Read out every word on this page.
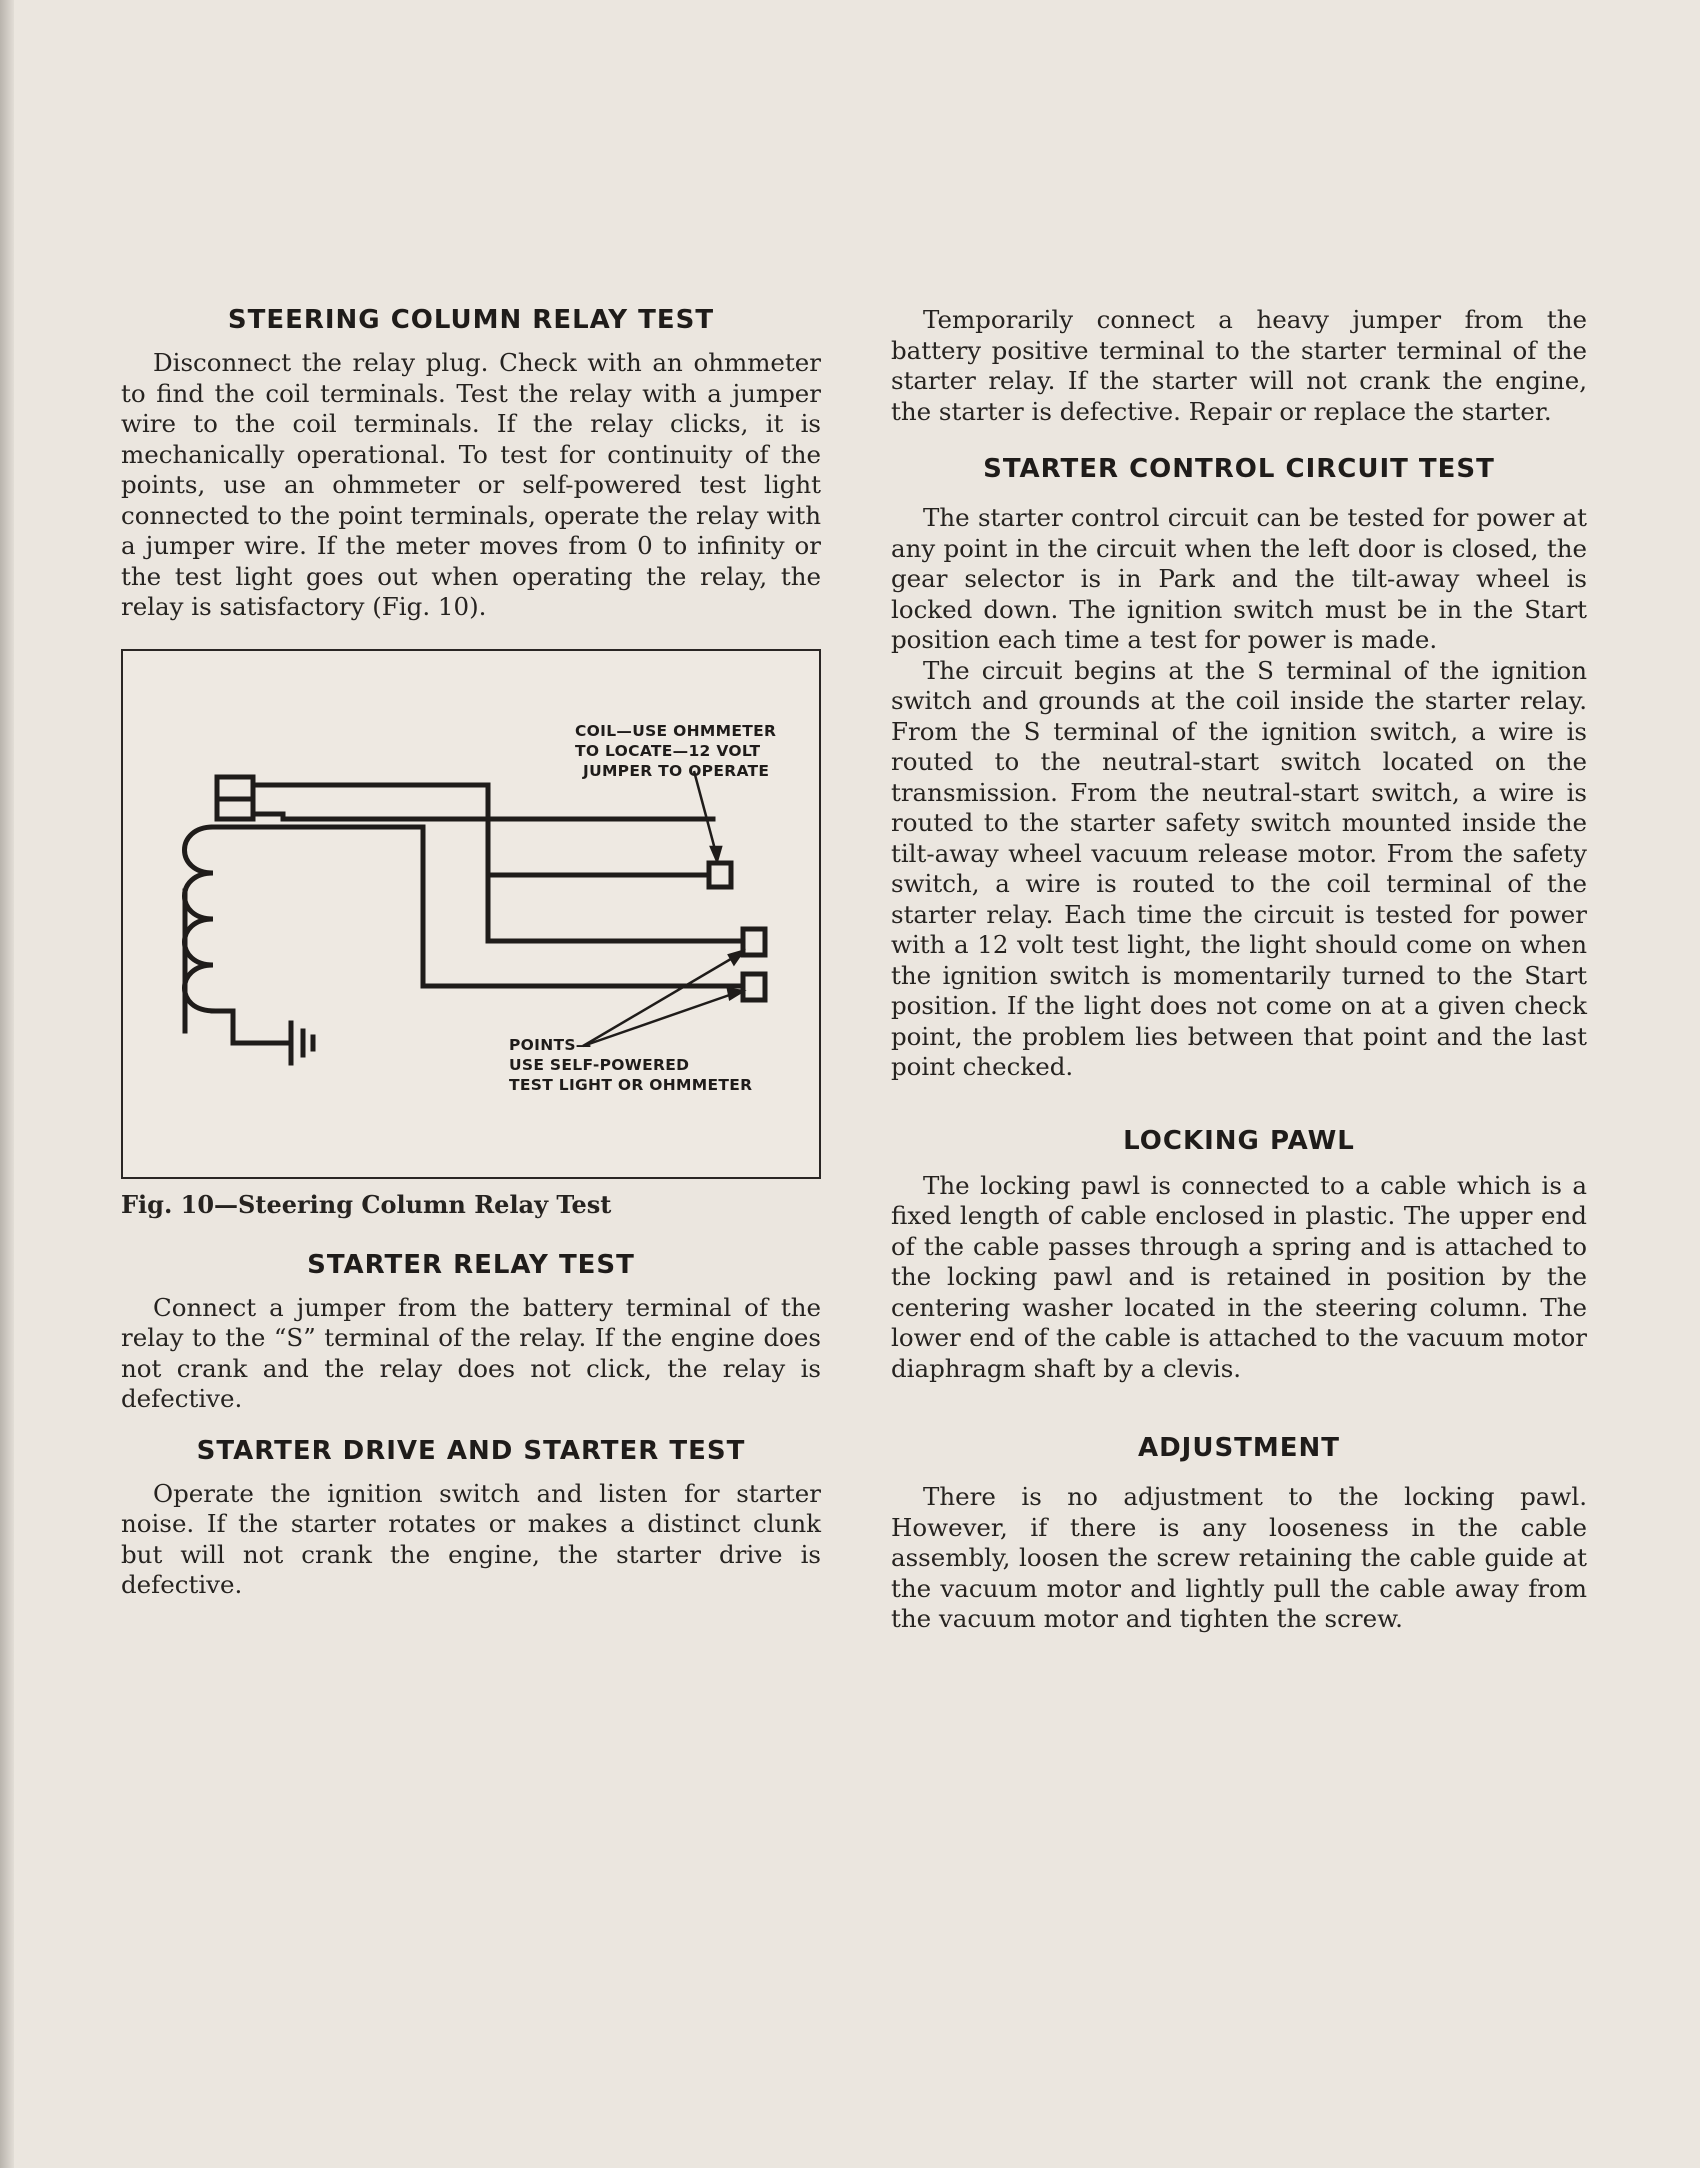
STEERING COLUMN RELAY TEST

Disconnect the relay plug. Check with an ohmmeter to find the coil terminals. Test the relay with a jumper wire to the coil terminals. If the relay clicks, it is mechanically operational. To test for continuity of the points, use an ohmmeter or self-powered test light connected to the point terminals, operate the relay with a jumper wire. If the meter moves from 0 to infinity or the test light goes out when operating the relay, the relay is satisfactory (Fig. 10).

COIL—USE OHMMETER
TO LOCATE—12 VOLT
JUMPER TO OPERATE
POINTS—
USE SELF-POWERED
TEST LIGHT OR OHMMETER
Fig. 10—Steering Column Relay Test
STARTER RELAY TEST

Connect a jumper from the battery terminal of the relay to the “S” terminal of the relay. If the engine does not crank and the relay does not click, the relay is defective.

STARTER DRIVE AND STARTER TEST

Operate the ignition switch and listen for starter noise. If the starter rotates or makes a distinct clunk but will not crank the engine, the starter drive is defective.

Temporarily connect a heavy jumper from the battery positive terminal to the starter terminal of the starter relay. If the starter will not crank the engine, the starter is defective. Repair or replace the starter.

STARTER CONTROL CIRCUIT TEST

The starter control circuit can be tested for power at any point in the circuit when the left door is closed, the gear selector is in Park and the tilt-away wheel is locked down. The ignition switch must be in the Start position each time a test for power is made.

The circuit begins at the S terminal of the ignition switch and grounds at the coil inside the starter relay. From the S terminal of the ignition switch, a wire is routed to the neutral-start switch located on the transmission. From the neutral-start switch, a wire is routed to the starter safety switch mounted inside the tilt-away wheel vacuum release motor. From the safety switch, a wire is routed to the coil terminal of the starter relay. Each time the circuit is tested for power with a 12 volt test light, the light should come on when the ignition switch is momentarily turned to the Start position. If the light does not come on at a given check point, the problem lies between that point and the last point checked.

LOCKING PAWL

The locking pawl is connected to a cable which is a fixed length of cable enclosed in plastic. The upper end of the cable passes through a spring and is attached to the locking pawl and is retained in position by the centering washer located in the steering column. The lower end of the cable is attached to the vacuum motor diaphragm shaft by a clevis.

ADJUSTMENT

There is no adjustment to the locking pawl. However, if there is any looseness in the cable assembly, loosen the screw retaining the cable guide at the vacuum motor and lightly pull the cable away from the vacuum motor and tighten the screw.
